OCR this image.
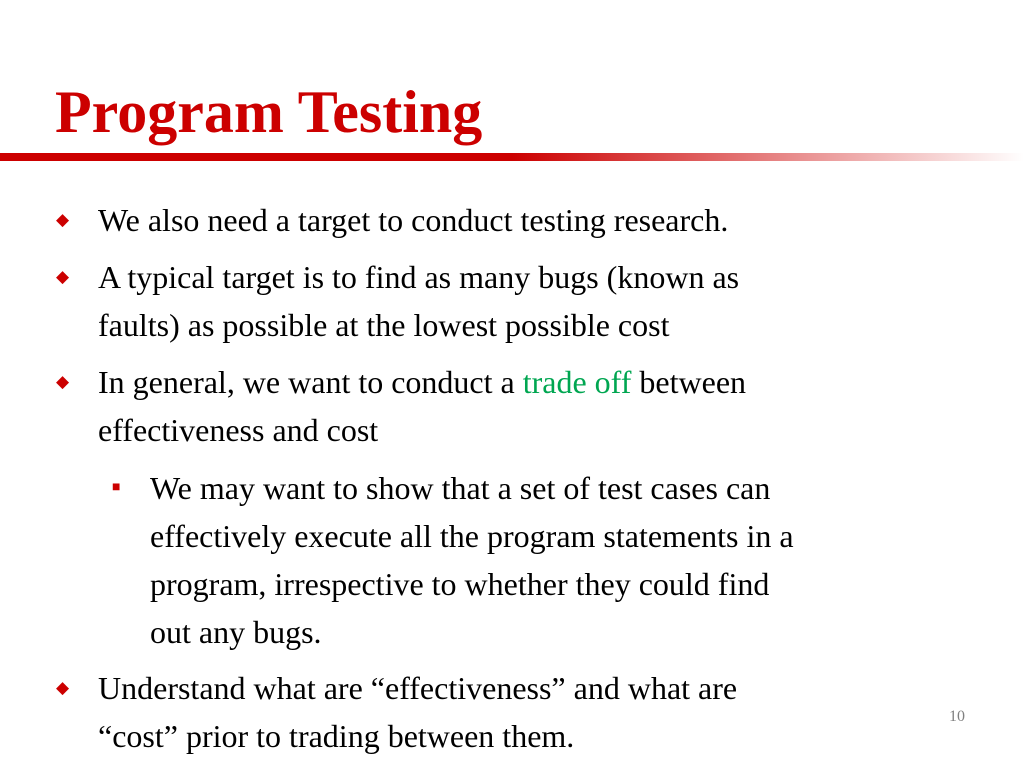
Program Testing
◆ We also need a target to conduct testing research.
◆ A typical target is to find as many bugs (known as
faults) as possible at the lowest possible cost
◆ In general, we want to conduct a trade off between
effectiveness and cost
■ We may want to show that a set of test cases can
effectively execute all the program statements in a
program, irrespective to whether they could find
out any bugs.
◆ Understand what are “effectiveness” and what are
“cost” prior to trading between them.
10
